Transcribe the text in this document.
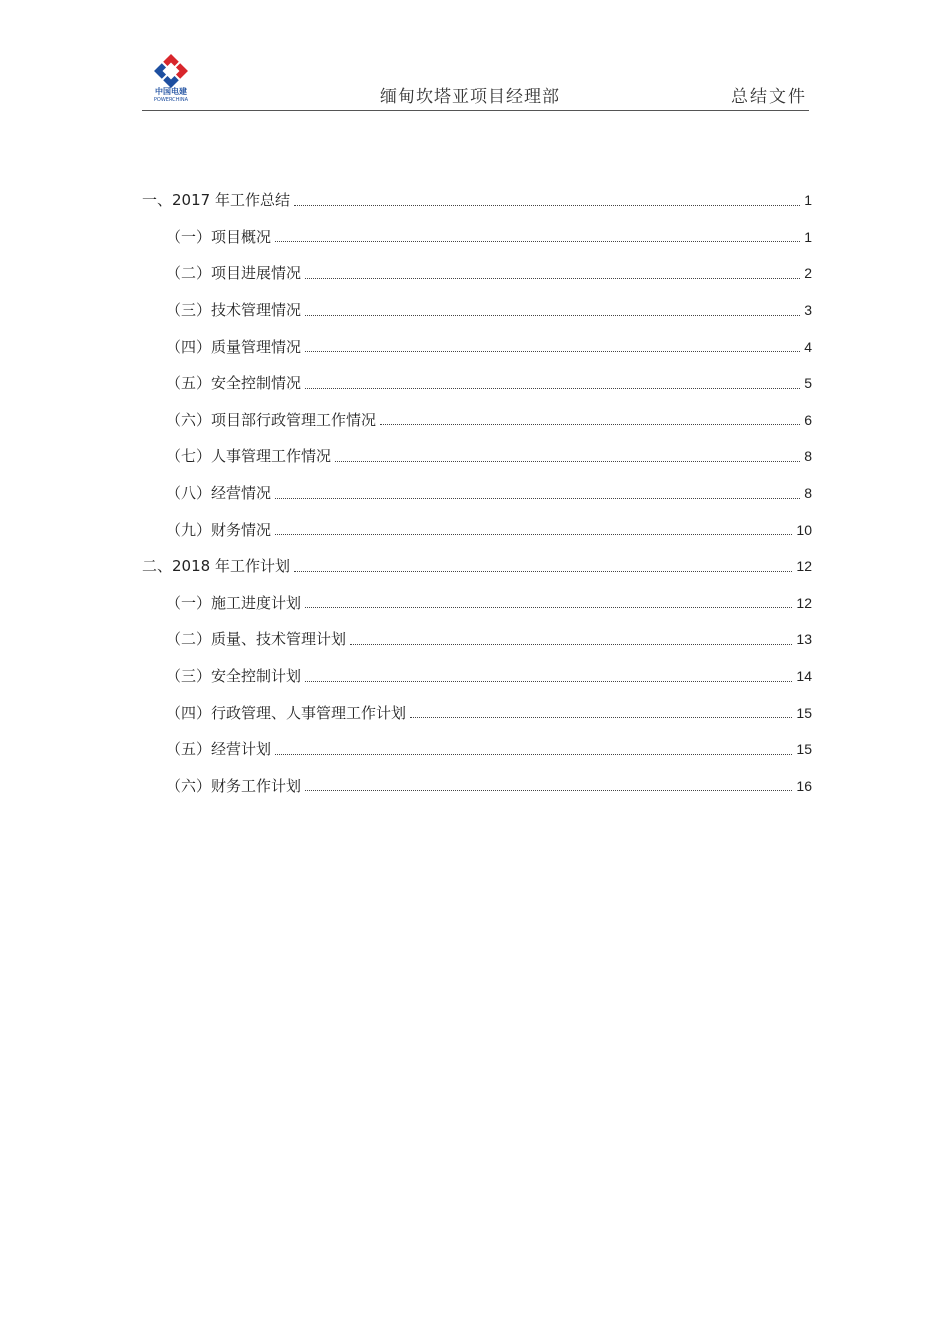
中国电建
POWERCHINA	缅甸坎塔亚项目经理部	总结文件
一、2017 年工作总结	1
（一）项目概况	1
（二）项目进展情况	2
（三）技术管理情况	3
（四）质量管理情况	4
（五）安全控制情况	5
（六）项目部行政管理工作情况	6
（七）人事管理工作情况	8
（八）经营情况	8
（九）财务情况	10
二、2018 年工作计划	12
（一）施工进度计划	12
（二）质量、技术管理计划	13
（三）安全控制计划	14
（四）行政管理、人事管理工作计划	15
（五）经营计划	15
（六）财务工作计划	16
